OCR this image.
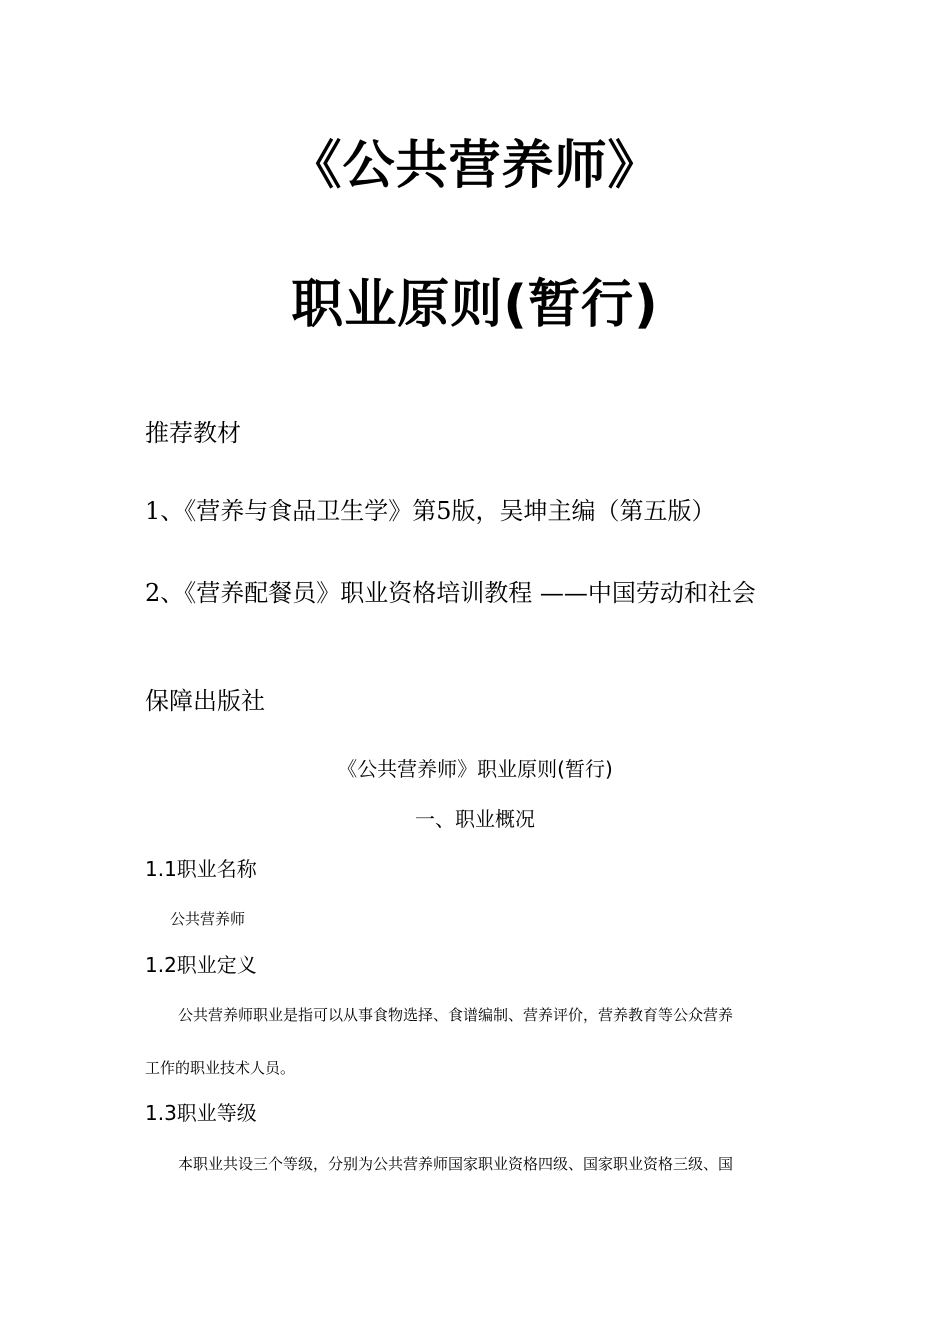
《公共营养师》
职业原则(暂行)
推荐教材
1、《营养与食品卫生学》第5版，吴坤主编（第五版）
2、《营养配餐员》职业资格培训教程 ——中国劳动和社会
保障出版社
《公共营养师》职业原则(暂行)
一、职业概况
1.1职业名称
公共营养师
1.2职业定义
公共营养师职业是指可以从事食物选择、食谱编制、营养评价，营养教育等公众营养
工作的职业技术人员。
1.3职业等级
本职业共设三个等级，分别为公共营养师国家职业资格四级、国家职业资格三级、国
